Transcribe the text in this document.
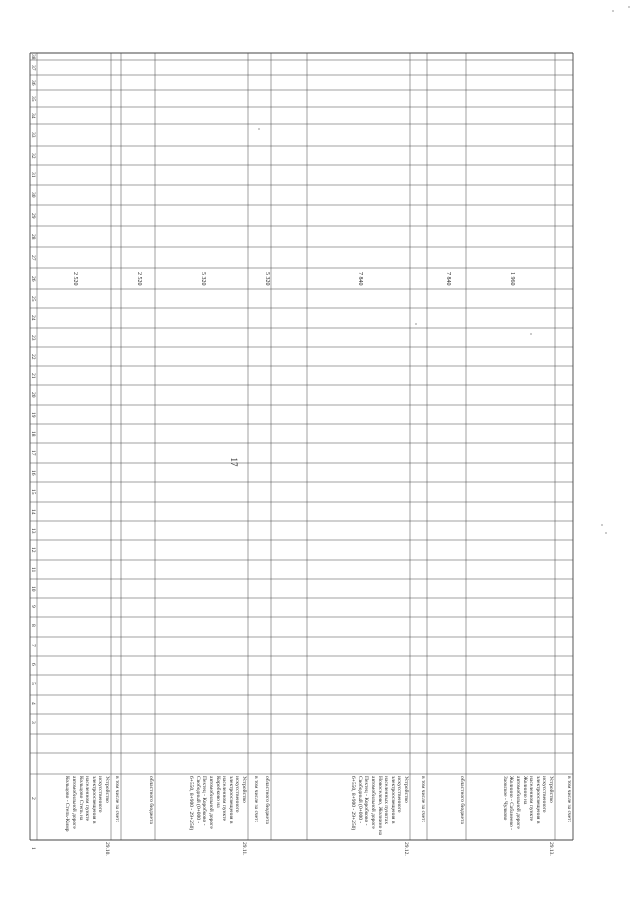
1
2
3
4
5
6
7
8
9
10
11
12
13
14
15
16
17
18
19
20
21
22
23
24
25
26
27
28
29
30
31
32
33
34
35
36
37
38
Устройство искусственного электроосвещения в населенном пункте Кольцово Степь на автомобильной дороге Кольцово - Степь-Кимр
29.10.
2 520
в том числе за счет:	областного бюджета
2 520
Устройство искусственного электроосвещения в населенном пункте Коробково на автомобильной дороге Пехтец - Коробково - Свободный (0+000 - 6+550, 8+900 - 29+250)
29.11.
5 320
в том числе за счет: областного бюджета
5 320
Устройство искусственного электроосвещения в населенных пунктах Новоселово, Жолнино на автомобильной дороге Пехтец - Коробково - Свободный (0+000 - 6+550, 8+900 - 29+250)
29.12.
7 840
в том числе за счет:	областного бюджета
7 840
Устройство искусственного электроосвещения в населенном пункте Жолнино на автомобильной дороге Жолнино - Сабанеево - Заокское - Чулково
29.13.
1 960
в том числе за счет:
17
